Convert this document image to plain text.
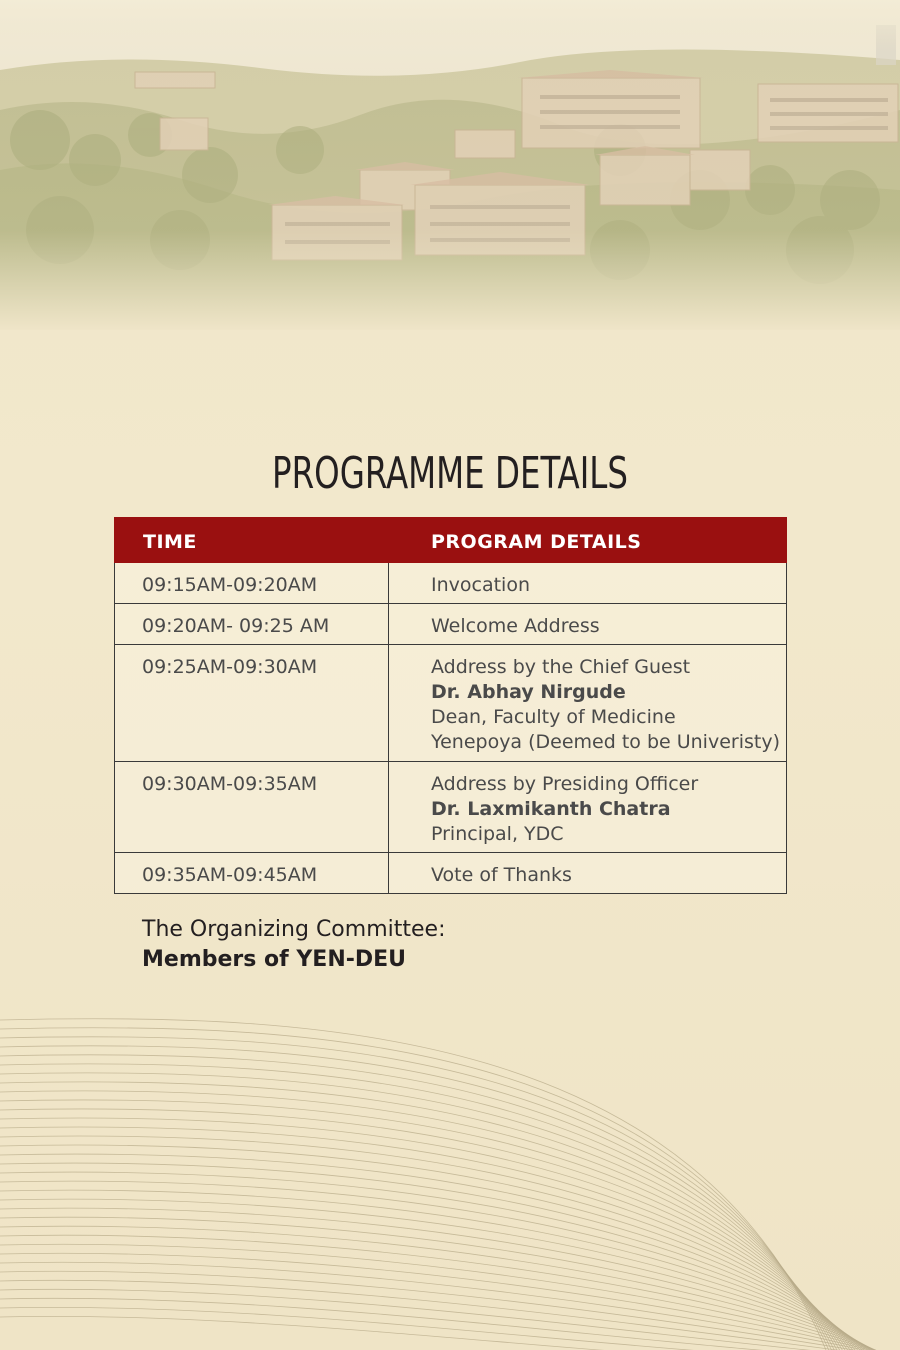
PROGRAMME DETAILS
TIME	PROGRAM DETAILS
09:15AM-09:20AM	Invocation

09:20AM- 09:25 AM	Welcome Address

09:25AM-09:30AM	Address by the Chief Guest
Dr. Abhay Nirgude
Dean, Faculty of Medicine
Yenepoya (Deemed to be Univeristy)

09:30AM-09:35AM	Address by Presiding Officer
Dr. Laxmikanth Chatra
Principal, YDC

09:35AM-09:45AM	Vote of Thanks
The Organizing Committee:
Members of YEN-DEU
